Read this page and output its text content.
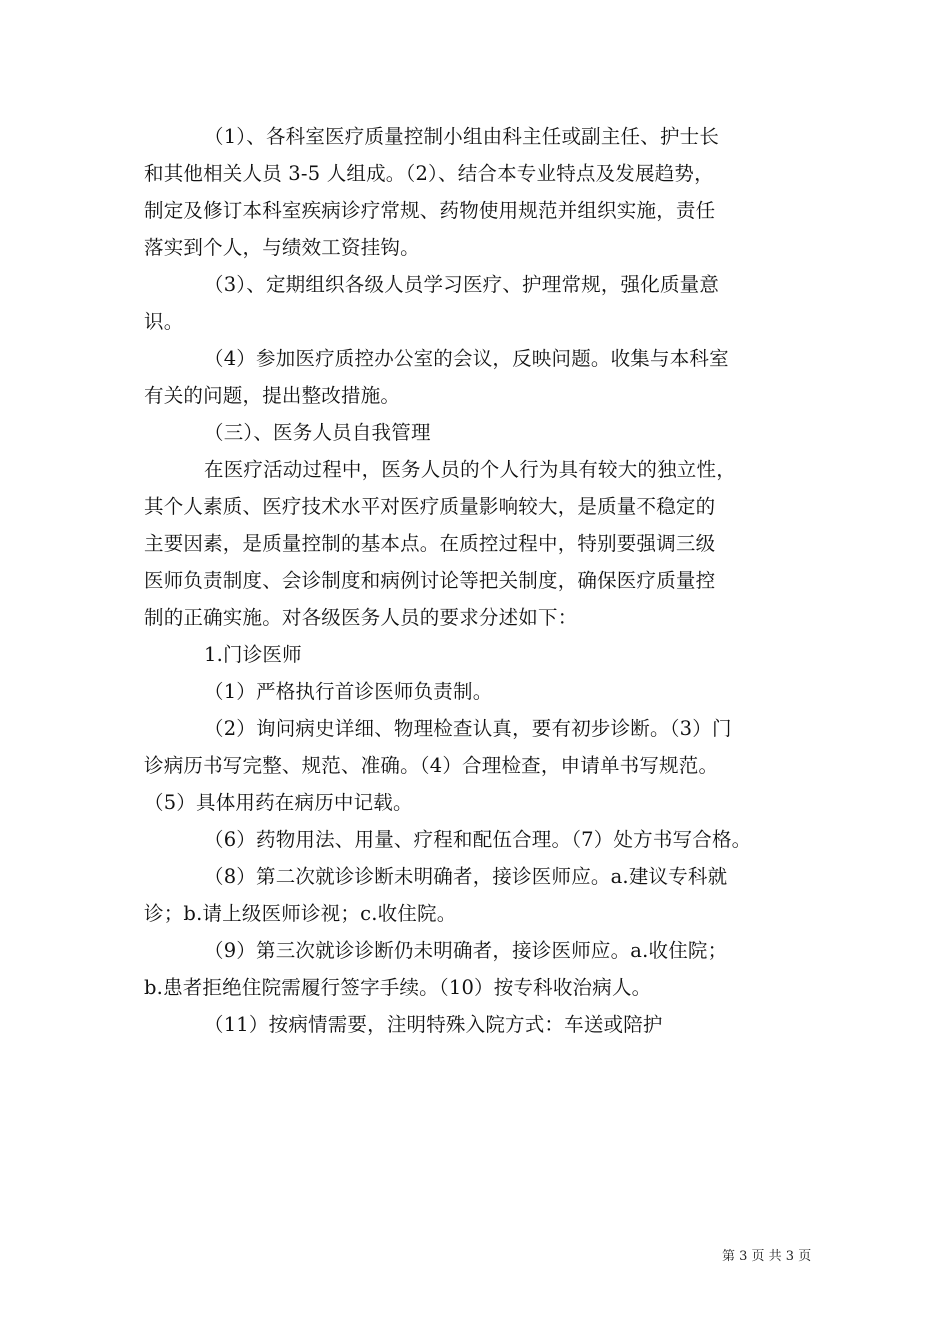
（1）、各科室医疗质量控制小组由科主任或副主任、护士长
和其他相关人员 3-5 人组成。（2）、结合本专业特点及发展趋势，
制定及修订本科室疾病诊疗常规、药物使用规范并组织实施，责任
落实到个人，与绩效工资挂钩。
（3）、定期组织各级人员学习医疗、护理常规，强化质量意
识。
（4）参加医疗质控办公室的会议，反映问题。收集与本科室
有关的问题，提出整改措施。
（三）、医务人员自我管理
在医疗活动过程中，医务人员的个人行为具有较大的独立性，
其个人素质、医疗技术水平对医疗质量影响较大，是质量不稳定的
主要因素，是质量控制的基本点。在质控过程中，特别要强调三级
医师负责制度、会诊制度和病例讨论等把关制度，确保医疗质量控
制的正确实施。对各级医务人员的要求分述如下：
1.门诊医师
（1）严格执行首诊医师负责制。
（2）询问病史详细、物理检查认真，要有初步诊断。（3）门
诊病历书写完整、规范、准确。（4）合理检查，申请单书写规范。
（5）具体用药在病历中记载。
（6）药物用法、用量、疗程和配伍合理。（7）处方书写合格。
（8）第二次就诊诊断未明确者，接诊医师应。a.建议专科就
诊；b.请上级医师诊视；c.收住院。
（9）第三次就诊诊断仍未明确者，接诊医师应。a.收住院；
b.患者拒绝住院需履行签字手续。（10）按专科收治病人。
（11）按病情需要，注明特殊入院方式：车送或陪护
第 3 页 共 3 页
